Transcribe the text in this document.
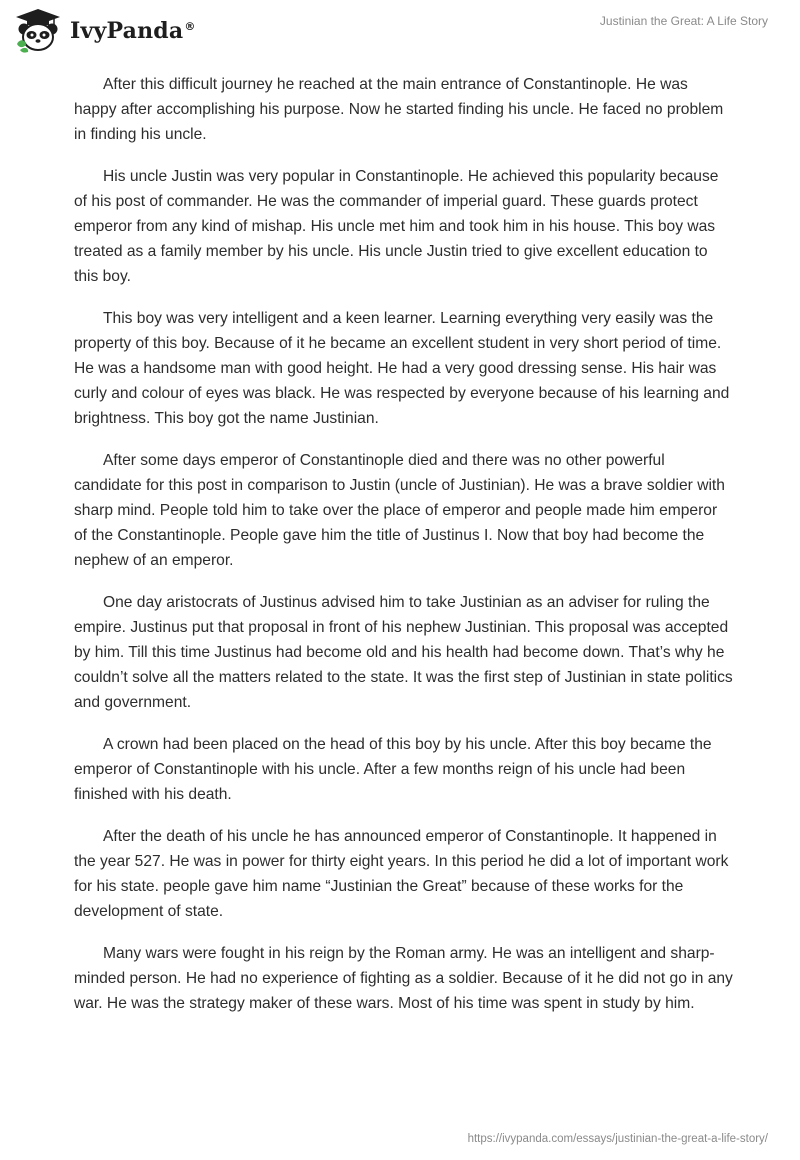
IvyPanda®	Justinian the Great: A Life Story

After this difficult journey he reached at the main entrance of Constantinople. He was happy after accomplishing his purpose. Now he started finding his uncle. He faced no problem in finding his uncle.

His uncle Justin was very popular in Constantinople. He achieved this popularity because of his post of commander. He was the commander of imperial guard. These guards protect emperor from any kind of mishap. His uncle met him and took him in his house. This boy was treated as a family member by his uncle. His uncle Justin tried to give excellent education to this boy.

This boy was very intelligent and a keen learner. Learning everything very easily was the property of this boy. Because of it he became an excellent student in very short period of time. He was a handsome man with good height. He had a very good dressing sense. His hair was curly and colour of eyes was black. He was respected by everyone because of his learning and brightness. This boy got the name Justinian.

After some days emperor of Constantinople died and there was no other powerful candidate for this post in comparison to Justin (uncle of Justinian). He was a brave soldier with sharp mind. People told him to take over the place of emperor and people made him emperor of the Constantinople. People gave him the title of Justinus I. Now that boy had become the nephew of an emperor.

One day aristocrats of Justinus advised him to take Justinian as an adviser for ruling the empire. Justinus put that proposal in front of his nephew Justinian. This proposal was accepted by him. Till this time Justinus had become old and his health had become down. That’s why he couldn’t solve all the matters related to the state. It was the first step of Justinian in state politics and government.

A crown had been placed on the head of this boy by his uncle. After this boy became the emperor of Constantinople with his uncle. After a few months reign of his uncle had been finished with his death.

After the death of his uncle he has announced emperor of Constantinople. It happened in the year 527. He was in power for thirty eight years. In this period he did a lot of important work for his state. people gave him name “Justinian the Great” because of these works for the development of state.

Many wars were fought in his reign by the Roman army. He was an intelligent and sharp-minded person. He had no experience of fighting as a soldier. Because of it he did not go in any war. He was the strategy maker of these wars. Most of his time was spent in study by him.

https://ivypanda.com/essays/justinian-the-great-a-life-story/
